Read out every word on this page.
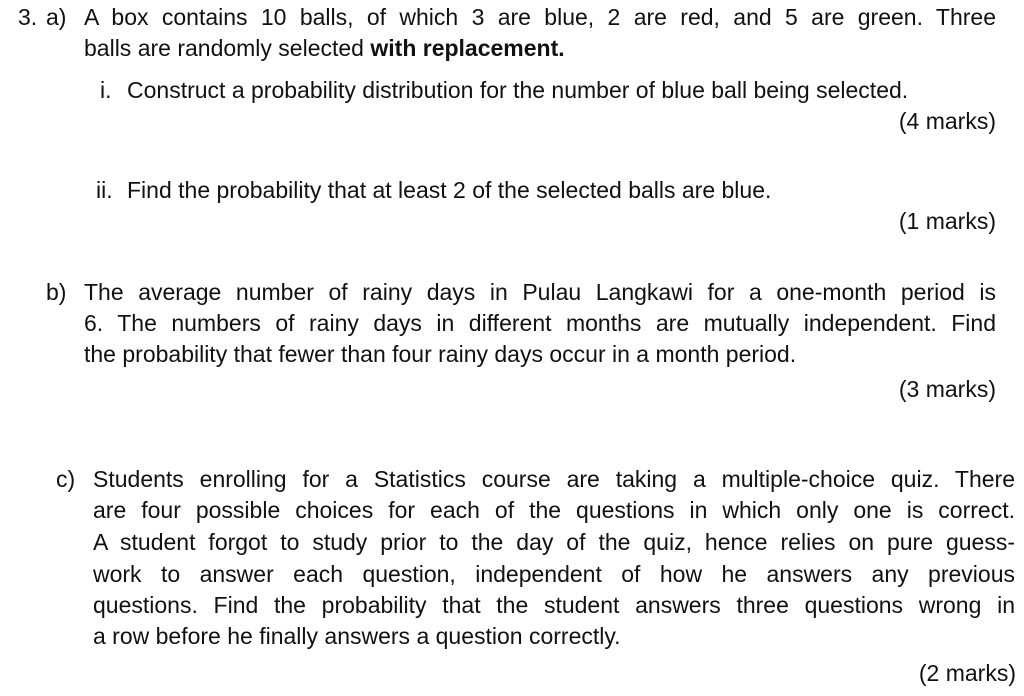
3. a) A box contains 10 balls, of which 3 are blue, 2 are red, and 5 are green. Three
balls are randomly selected with replacement.
i. Construct a probability distribution for the number of blue ball being selected.
(4 marks)
ii. Find the probability that at least 2 of the selected balls are blue.
(1 marks)
b) The average number of rainy days in Pulau Langkawi for a one-month period is
6. The numbers of rainy days in different months are mutually independent. Find
the probability that fewer than four rainy days occur in a month period.
(3 marks)
c) Students enrolling for a Statistics course are taking a multiple-choice quiz. There
are four possible choices for each of the questions in which only one is correct.
A student forgot to study prior to the day of the quiz, hence relies on pure guess-
work to answer each question, independent of how he answers any previous
questions. Find the probability that the student answers three questions wrong in
a row before he finally answers a question correctly.
(2 marks)
